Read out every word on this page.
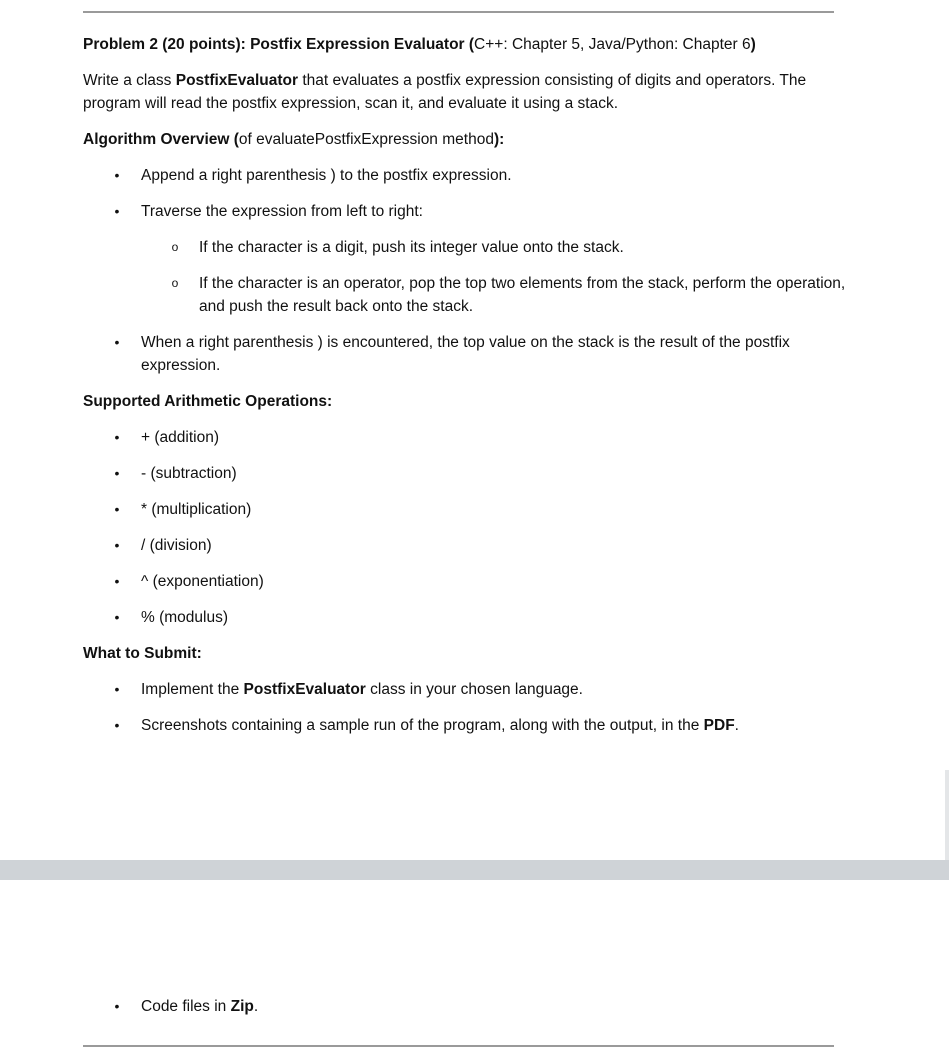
Problem 2 (20 points): Postfix Expression Evaluator (C++: Chapter 5, Java/Python: Chapter 6)
Write a class PostfixEvaluator that evaluates a postfix expression consisting of digits and operators. The program will read the postfix expression, scan it, and evaluate it using a stack.
Algorithm Overview (of evaluatePostfixExpression method):
• Append a right parenthesis ) to the postfix expression.
• Traverse the expression from left to right:
o If the character is a digit, push its integer value onto the stack.
o If the character is an operator, pop the top two elements from the stack, perform the operation, and push the result back onto the stack.
• When a right parenthesis ) is encountered, the top value on the stack is the result of the postfix expression.
Supported Arithmetic Operations:
• + (addition)
• - (subtraction)
• * (multiplication)
• / (division)
• ^ (exponentiation)
• % (modulus)
What to Submit:
• Implement the PostfixEvaluator class in your chosen language.
• Screenshots containing a sample run of the program, along with the output, in the PDF.
• Code files in Zip.
